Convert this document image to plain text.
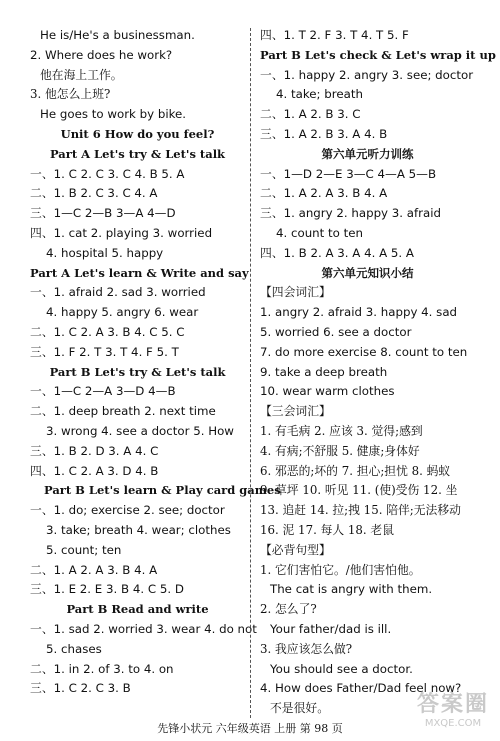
He is/He's a businessman.
2. Where does he work?
他在海上工作。
3. 他怎么上班?
He goes to work by bike.
Unit 6 How do you feel?
Part A Let's try & Let's talk
一、1. C 2. C 3. C 4. B 5. A
二、1. B 2. C 3. C 4. A
三、1—C 2—B 3—A 4—D
四、1. cat 2. playing 3. worried
4. hospital 5. happy
Part A Let's learn & Write and say
一、1. afraid 2. sad 3. worried
4. happy 5. angry 6. wear
二、1. C 2. A 3. B 4. C 5. C
三、1. F 2. T 3. T 4. F 5. T
Part B Let's try & Let's talk
一、1—C 2—A 3—D 4—B
二、1. deep breath 2. next time
3. wrong 4. see a doctor 5. How
三、1. B 2. D 3. A 4. C
四、1. C 2. A 3. D 4. B
Part B Let's learn & Play card games
一、1. do; exercise 2. see; doctor
3. take; breath 4. wear; clothes
5. count; ten
二、1. A 2. A 3. B 4. A
三、1. E 2. E 3. B 4. C 5. D
Part B Read and write
一、1. sad 2. worried 3. wear 4. do not
5. chases
二、1. in 2. of 3. to 4. on
三、1. C 2. C 3. B
四、1. T 2. F 3. T 4. T 5. F
Part B Let's check & Let's wrap it up
一、1. happy 2. angry 3. see; doctor
4. take; breath
二、1. A 2. B 3. C
三、1. A 2. B 3. A 4. B
第六单元听力训练
一、1—D 2—E 3—C 4—A 5—B
二、1. A 2. A 3. B 4. A
三、1. angry 2. happy 3. afraid
4. count to ten
四、1. B 2. A 3. A 4. A 5. A
第六单元知识小结
【四会词汇】
1. angry 2. afraid 3. happy 4. sad
5. worried 6. see a doctor
7. do more exercise 8. count to ten
9. take a deep breath
10. wear warm clothes
【三会词汇】
1. 有毛病 2. 应该 3. 觉得;感到
4. 有病;不舒服 5. 健康;身体好
6. 邪恶的;坏的 7. 担心;担忧 8. 蚂蚁
9. 草坪 10. 听见 11. (使)受伤 12. 坐
13. 追赶 14. 拉;拽 15. 陪伴;无法移动
16. 泥 17. 每人 18. 老鼠
【必背句型】
1. 它们害怕它。/他们害怕他。
The cat is angry with them.
2. 怎么了?
Your father/dad is ill.
3. 我应该怎么做?
You should see a doctor.
4. How does Father/Dad feel now?
不是很好。
先锋小状元 六年级英语 上册 第 98 页
答案圈
MXQE.COM
